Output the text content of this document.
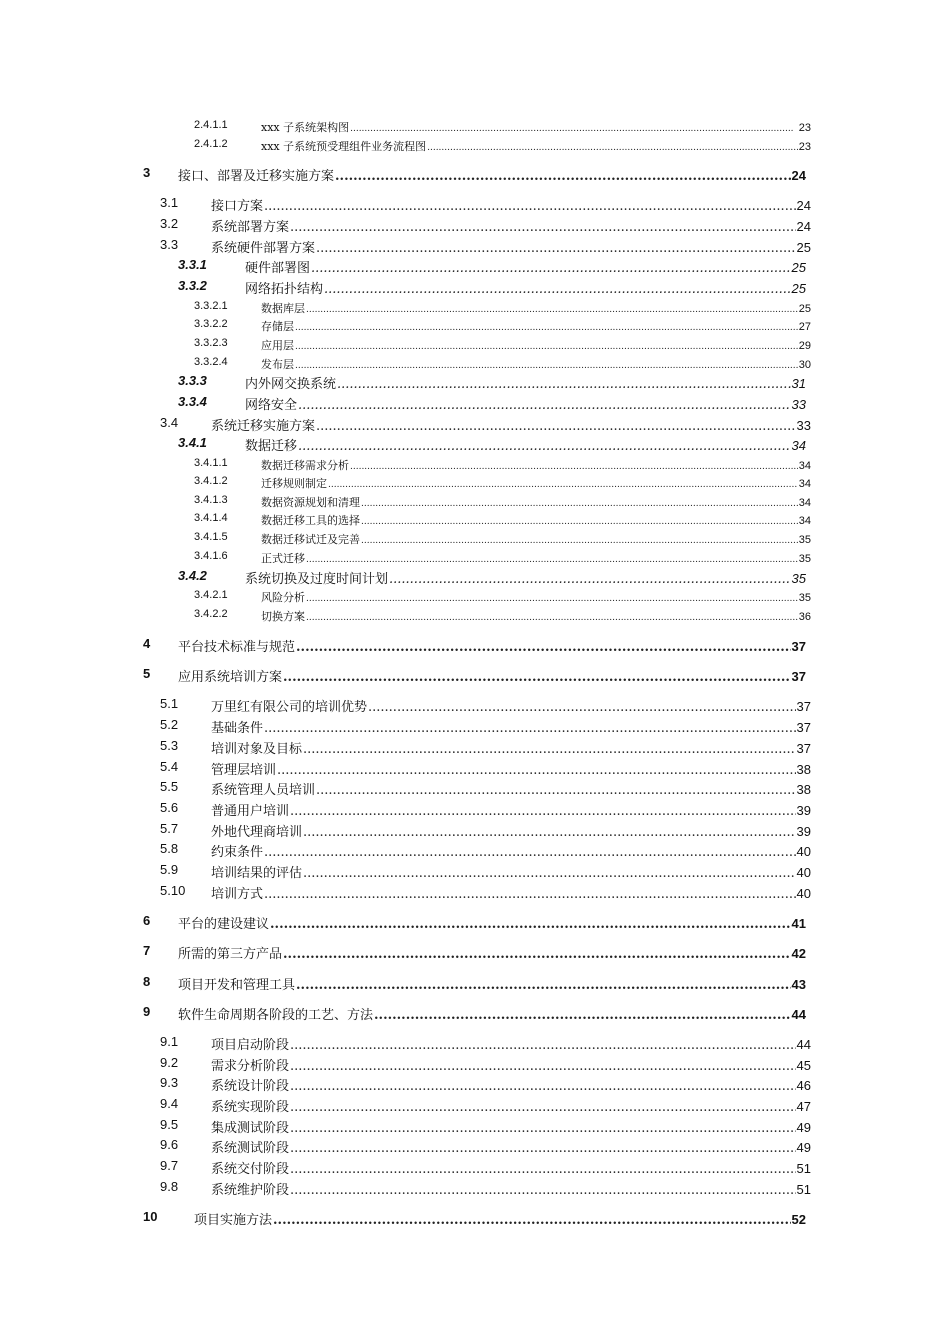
2.4.1.1	xxx 子系统架构图 .....	23
2.4.1.2	xxx 子系统预受理组件业务流程图 .....	23
3 接口、部署及迁移实施方案 .....	24
3.1	接口方案 .....	24
3.2	系统部署方案 .....	24
3.3	系统硬件部署方案 .....	25
3.3.1	硬件部署图 .....	25
3.3.2	网络拓扑结构 .....	25
3.3.2.1	数据库层 .....	25
3.3.2.2	存储层 .....	27
3.3.2.3	应用层 .....	29
3.3.2.4	发布层 .....	30
3.3.3	内外网交换系统 .....	31
3.3.4	网络安全 .....	33
3.4	系统迁移实施方案 .....	33
3.4.1	数据迁移 .....	34
3.4.1.1	数据迁移需求分析 .....	34
3.4.1.2	迁移规则制定 .....	34
3.4.1.3	数据资源规划和清理 .....	34
3.4.1.4	数据迁移工具的选择 .....	34
3.4.1.5	数据迁移试迁及完善 .....	35
3.4.1.6	正式迁移 .....	35
3.4.2	系统切换及过度时间计划 .....	35
3.4.2.1	风险分析 .....	35
3.4.2.2	切换方案 .....	36
4 平台技术标准与规范 .....	37
5 应用系统培训方案 .....	37
5.1	万里红有限公司的培训优势 .....	37
5.2	基础条件 .....	37
5.3	培训对象及目标 .....	37
5.4	管理层培训 .....	38
5.5	系统管理人员培训 .....	38
5.6	普通用户培训 .....	39
5.7	外地代理商培训 .....	39
5.8	约束条件 .....	40
5.9	培训结果的评估 .....	40
5.10 培训方式 .....	40
6 平台的建设建议 .....	41
7 所需的第三方产品 .....	42
8 项目开发和管理工具 .....	43
9 软件生命周期各阶段的工艺、方法 .....	44
9.1	项目启动阶段 .....	44
9.2	需求分析阶段 .....	45
9.3	系统设计阶段 .....	46
9.4	系统实现阶段 .....	47
9.5	集成测试阶段 .....	49
9.6	系统测试阶段 .....	49
9.7	系统交付阶段 .....	51
9.8	系统维护阶段 .....	51
10	项目实施方法 .....	52
